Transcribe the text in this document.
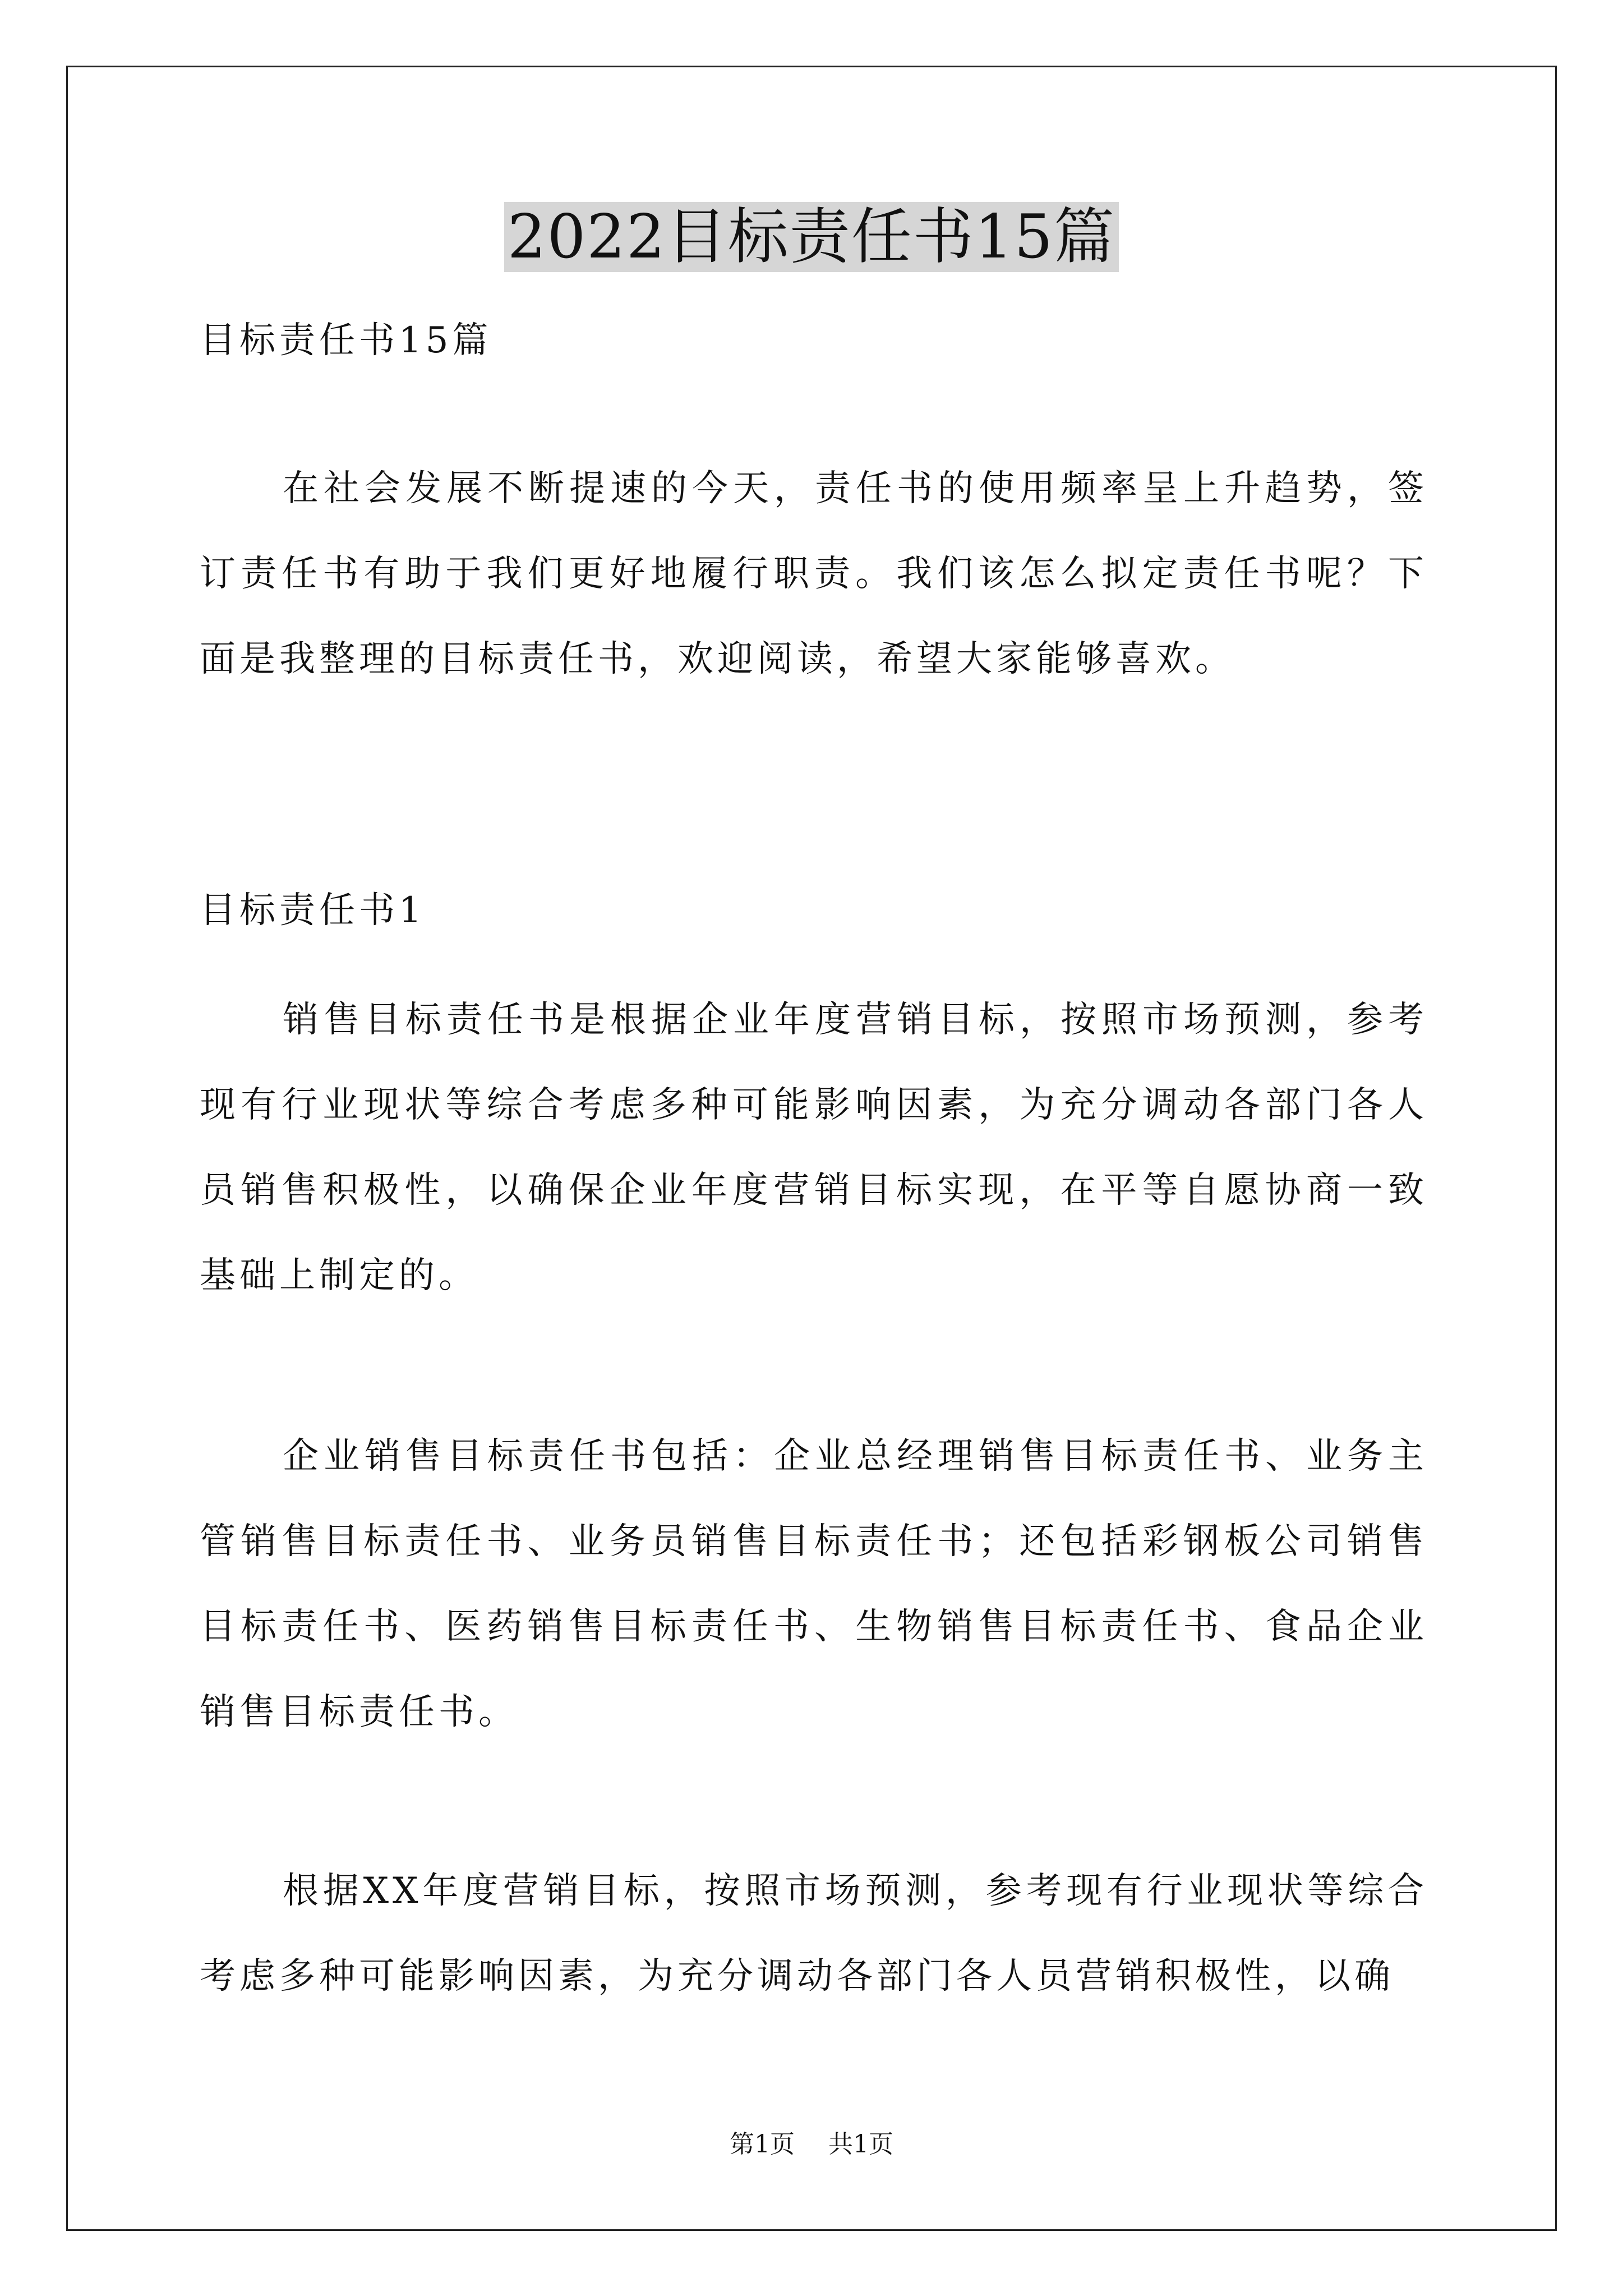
2022目标责任书15篇

目标责任书15篇

在社会发展不断提速的今天，责任书的使用频率呈上升趋势，签订责任书有助于我们更好地履行职责。我们该怎么拟定责任书呢？下面是我整理的目标责任书，欢迎阅读，希望大家能够喜欢。

目标责任书1

销售目标责任书是根据企业年度营销目标，按照市场预测，参考现有行业现状等综合考虑多种可能影响因素，为充分调动各部门各人员销售积极性，以确保企业年度营销目标实现，在平等自愿协商一致基础上制定的。

企业销售目标责任书包括：企业总经理销售目标责任书、业务主管销售目标责任书、业务员销售目标责任书；还包括彩钢板公司销售目标责任书、医药销售目标责任书、生物销售目标责任书、食品企业销售目标责任书。

根据XX年度营销目标，按照市场预测，参考现有行业现状等综合考虑多种可能影响因素，为充分调动各部门各人员营销积极性，以确

第1页 共1页
